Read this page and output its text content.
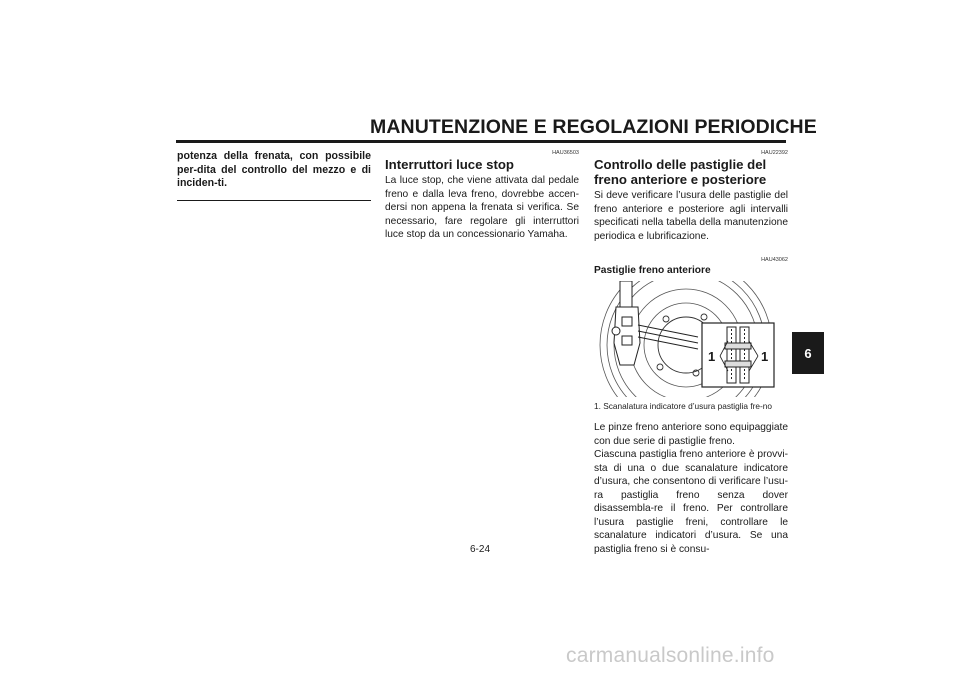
MANUTENZIONE E REGOLAZIONI PERIODICHE

potenza della frenata, con possibile per-dita del controllo del mezzo e di inciden-ti.

HAU36503

Interruttori luce stop

La luce stop, che viene attivata dal pedale freno e dalla leva freno, dovrebbe accen-dersi non appena la frenata si verifica. Se necessario, fare regolare gli interruttori luce stop da un concessionario Yamaha.

HAU22392

Controllo delle pastiglie del freno anteriore e posteriore

Si deve verificare l’usura delle pastiglie del freno anteriore e posteriore agli intervalli specificati nella tabella della manutenzione periodica e lubrificazione.

HAU43062

Pastiglie freno anteriore
1	1

1. Scanalatura indicatore d’usura pastiglia fre-no

Le pinze freno anteriore sono equipaggiate con due serie di pastiglie freno.

Ciascuna pastiglia freno anteriore è provvi-sta di una o due scanalature indicatore d’usura, che consentono di verificare l’usu-ra pastiglia freno senza dover disassembla-re il freno. Per controllare l’usura pastiglie freni, controllare le scanalature indicatori d’usura. Se una pastiglia freno si è consu-

6-24
6
carmanualsonline.info
